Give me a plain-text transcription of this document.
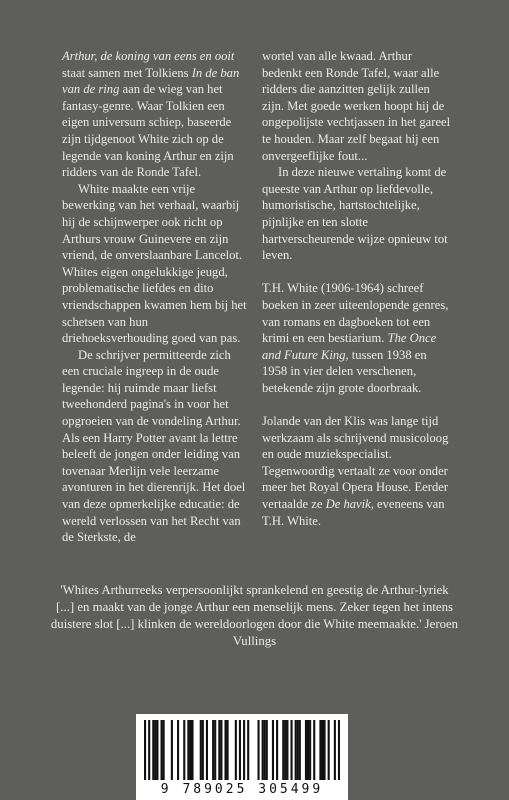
Arthur, de koning van eens en ooit staat samen met Tolkiens In de ban van de ring aan de wieg van het fantasy-genre. Waar Tolkien een eigen universum schiep, baseerde zijn tijdgenoot White zich op de legende van koning Arthur en zijn ridders van de Ronde Tafel.

White maakte een vrije bewerking van het verhaal, waarbij hij de schijnwerper ook richt op Arthurs vrouw Guinevere en zijn vriend, de onverslaanbare Lancelot. Whites eigen ongelukkige jeugd, problematische liefdes en dito vriendschappen kwamen hem bij het schetsen van hun driehoeksverhouding goed van pas.

De schrijver permitteerde zich een cruciale ingreep in de oude legende: hij ruimde maar liefst tweehonderd pagina's in voor het opgroeien van de vondeling Arthur. Als een Harry Potter avant la lettre beleeft de jongen onder leiding van tovenaar Merlijn vele leerzame avonturen in het dierenrijk. Het doel van deze opmerkelijke educatie: de wereld verlossen van het Recht van de Sterkste, de

wortel van alle kwaad. Arthur bedenkt een Ronde Tafel, waar alle ridders die aanzitten gelijk zullen zijn. Met goede werken hoopt hij de ongepolijste vechtjassen in het gareel te houden. Maar zelf begaat hij een onvergeeflijke fout...

In deze nieuwe vertaling komt de queeste van Arthur op liefdevolle, humoristische, hartstochtelijke, pijnlijke en ten slotte hartverscheurende wijze opnieuw tot leven.

T.H. White (1906-1964) schreef boeken in zeer uiteenlopende genres, van romans en dagboeken tot een krimi en een bestiarium. The Once and Future King, tussen 1938 en 1958 in vier delen verschenen, betekende zijn grote doorbraak.

Jolande van der Klis was lange tijd werkzaam als schrijvend musicoloog en oude muziekspecialist. Tegenwoordig vertaalt ze voor onder meer het Royal Opera House. Eerder vertaalde ze De havik, eveneens van T.H. White.

'Whites Arthurreeks verpersoonlijkt sprankelend en geestig de Arthur-lyriek [...] en maakt van de jonge Arthur een menselijk mens. Zeker tegen het intens duistere slot [...] klinken de wereldoorlogen door die White meemaakte.' Jeroen Vullings
9 789025 305499
